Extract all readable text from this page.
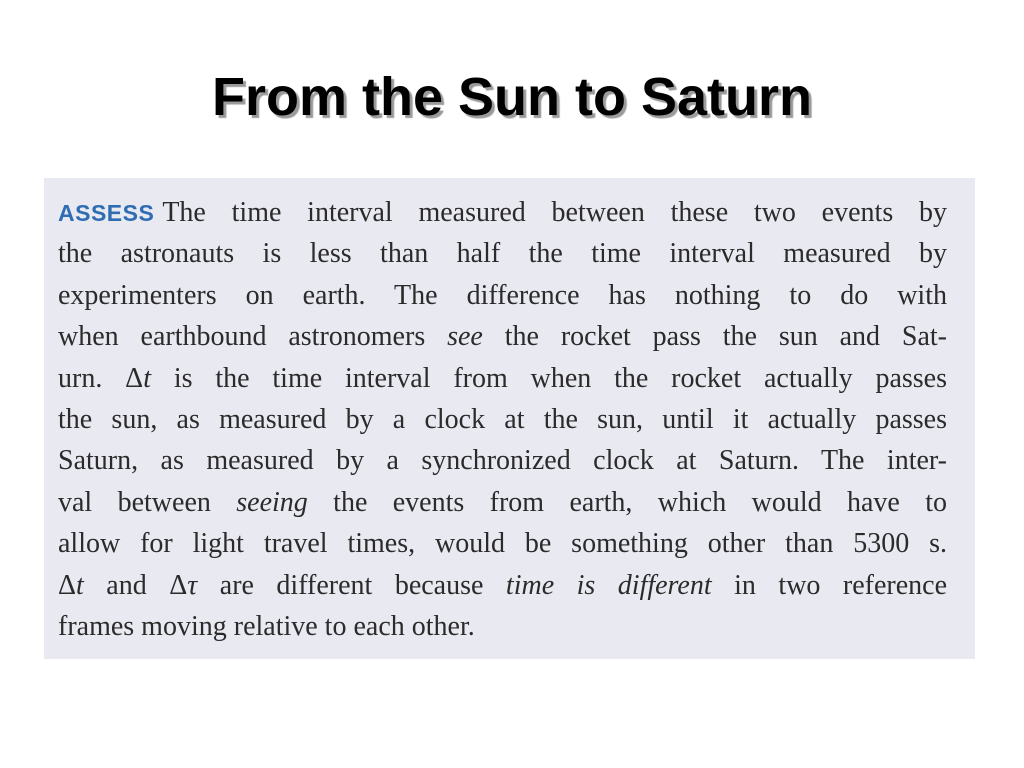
From the Sun to Saturn
ASSESS The time interval measured between these two events by
the astronauts is less than half the time interval measured by
experimenters on earth. The difference has nothing to do with
when earthbound astronomers see the rocket pass the sun and Sat-
urn. Δt is the time interval from when the rocket actually passes
the sun, as measured by a clock at the sun, until it actually passes
Saturn, as measured by a synchronized clock at Saturn. The inter-
val between seeing the events from earth, which would have to
allow for light travel times, would be something other than 5300 s.
Δt and Δτ are different because time is different in two reference
frames moving relative to each other.
